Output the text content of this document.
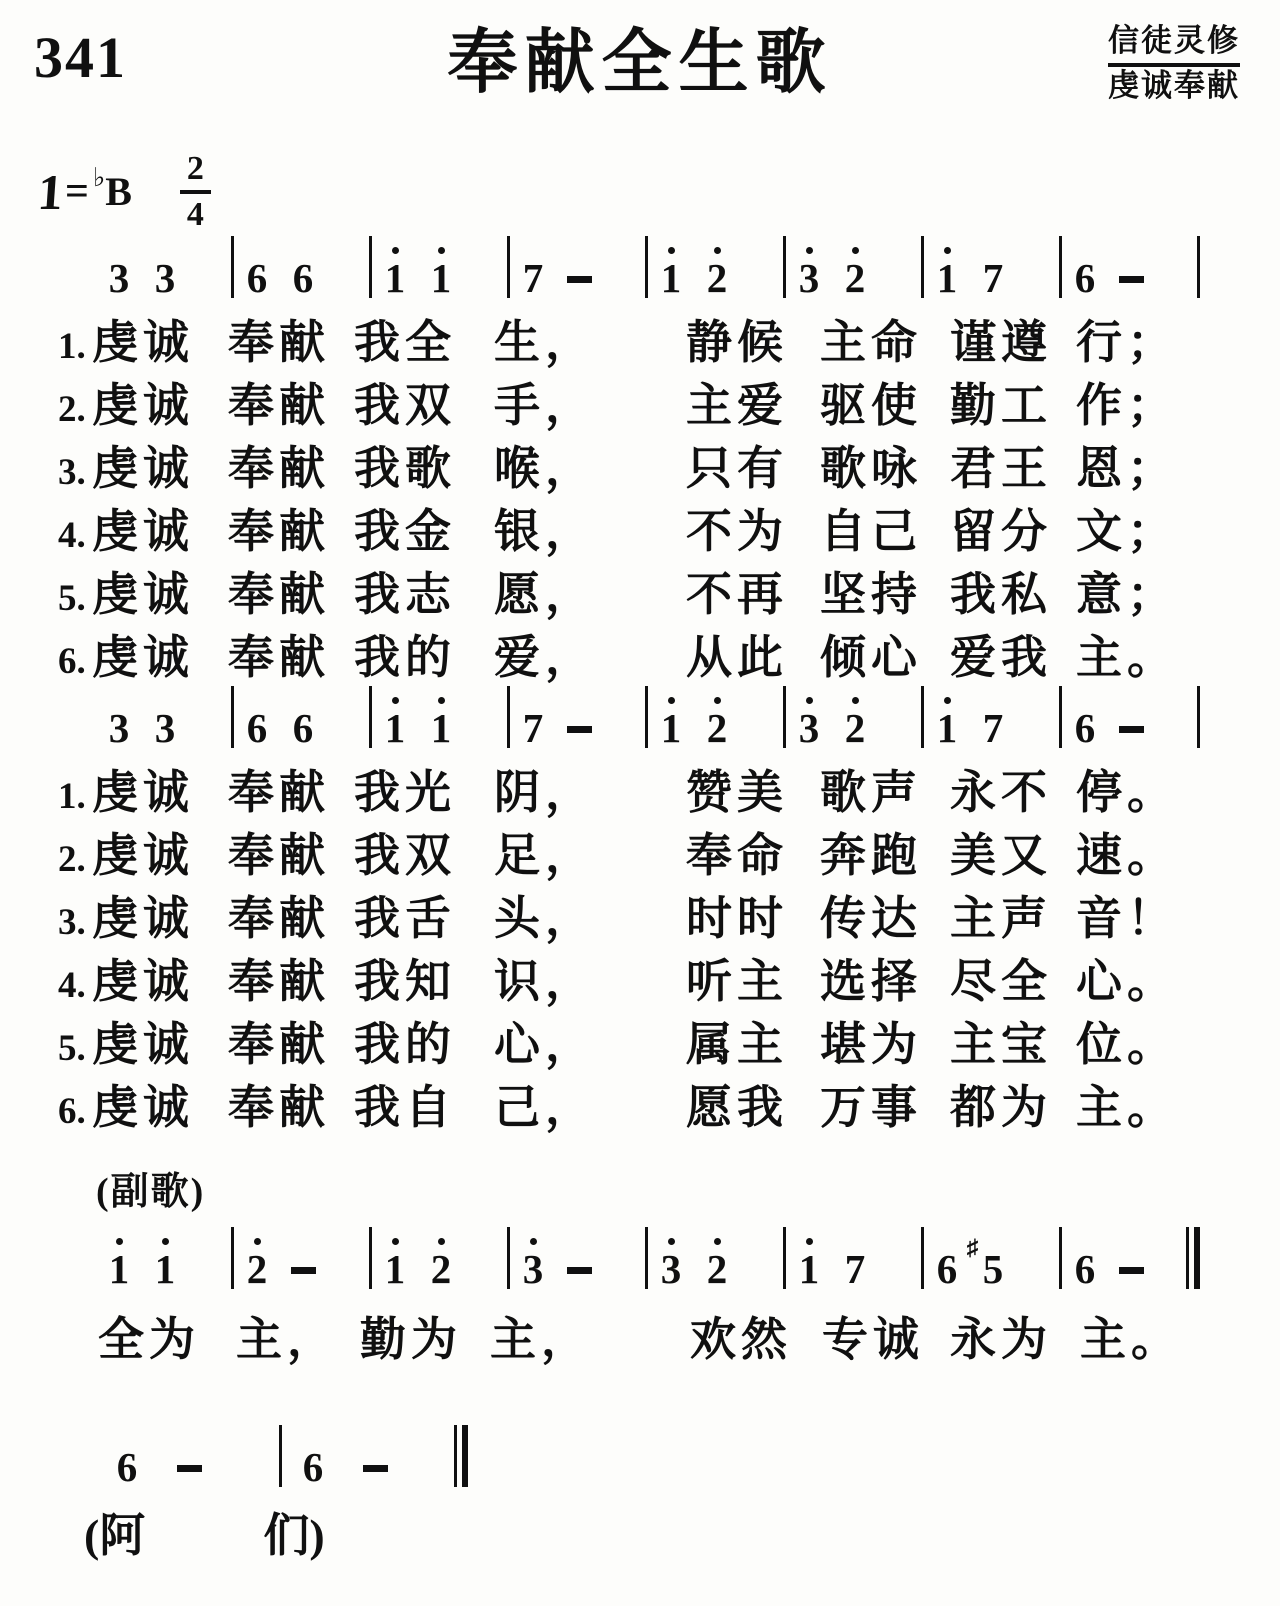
341	奉献全生歌	信徒灵修
虔诚奉献
1 = ♭ B $\frac{2}{4}$
3 3 6 6 1 1 7	1 2 3 2 1 7 6
1. 虔诚 奉献 我全 生，	静候 主命 谨遵 行；
2. 虔诚 奉献 我双 手，	主爱 驱使 勤工 作；
3. 虔诚 奉献 我歌 喉，	只有 歌咏 君王 恩；
4. 虔诚 奉献 我金 银，	不为 自己 留分 文；
5. 虔诚 奉献 我志 愿，	不再 坚持 我私 意；
6. 虔诚 奉献 我的 爱，	从此 倾心 爱我 主。
3 3 6 6 1 1 7	1 2 3 2 1 7 6
1. 虔诚 奉献 我光 阴，	赞美 歌声 永不 停。
2. 虔诚 奉献 我双 足，	奉命 奔跑 美又 速。
3. 虔诚 奉献 我舌 头，	时时 传达 主声 音！
4. 虔诚 奉献 我知 识，	听主 选择 尽全 心。
5. 虔诚 奉献 我的 心，	属主 堪为 主宝 位。
6. 虔诚 奉献 我自 己，	愿我 万事 都为 主。
(副歌)
1 1 2	1 2 3	3 2 1 7 6 ♯ 5 6
全为 主， 勤为 主，	欢然 专诚 永为 主。
6	6
(阿	们)
